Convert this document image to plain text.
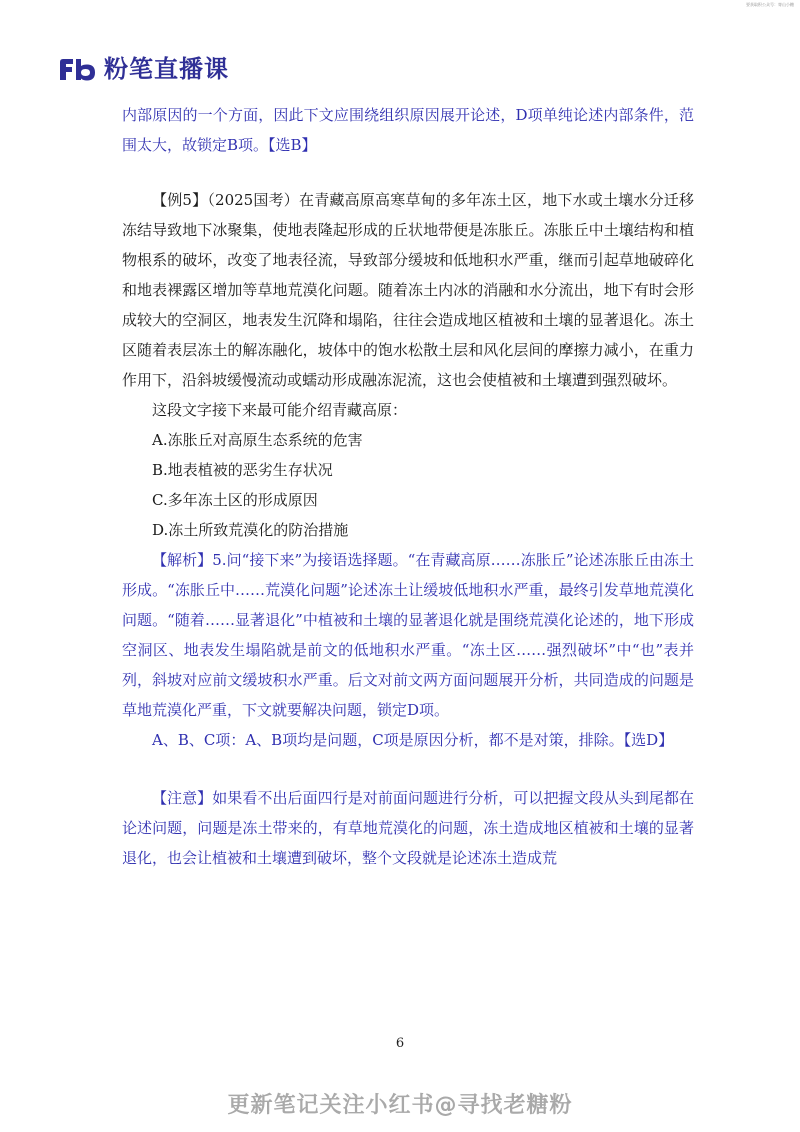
要获取积公众号：寄山小糖
粉笔直播课

内部原因的一个方面，因此下文应围绕组织原因展开论述，D项单纯论述内部条件，范围太大，故锁定B项。【选B】

【例5】（2025国考）在青藏高原高寒草甸的多年冻土区，地下水或土壤水分迁移冻结导致地下冰聚集，使地表隆起形成的丘状地带便是冻胀丘。冻胀丘中土壤结构和植物根系的破坏，改变了地表径流，导致部分缓坡和低地积水严重，继而引起草地破碎化和地表裸露区增加等草地荒漠化问题。随着冻土内冰的消融和水分流出，地下有时会形成较大的空洞区，地表发生沉降和塌陷，往往会造成地区植被和土壤的显著退化。冻土区随着表层冻土的解冻融化，坡体中的饱水松散土层和风化层间的摩擦力减小，在重力作用下，沿斜坡缓慢流动或蠕动形成融冻泥流，这也会使植被和土壤遭到强烈破坏。

这段文字接下来最可能介绍青藏高原：

A.冻胀丘对高原生态系统的危害

B.地表植被的恶劣生存状况

C.多年冻土区的形成原因

D.冻土所致荒漠化的防治措施

【解析】5.问“接下来”为接语选择题。“在青藏高原……冻胀丘”论述冻胀丘由冻土形成。“冻胀丘中……荒漠化问题”论述冻土让缓坡低地积水严重，最终引发草地荒漠化问题。“随着……显著退化”中植被和土壤的显著退化就是围绕荒漠化论述的，地下形成空洞区、地表发生塌陷就是前文的低地积水严重。“冻土区……强烈破坏”中“也”表并列，斜坡对应前文缓坡积水严重。后文对前文两方面问题展开分析，共同造成的问题是草地荒漠化严重，下文就要解决问题，锁定D项。

A、B、C项：A、B项均是问题，C项是原因分析，都不是对策，排除。【选D】

【注意】如果看不出后面四行是对前面问题进行分析，可以把握文段从头到尾都在论述问题，问题是冻土带来的，有草地荒漠化的问题，冻土造成地区植被和土壤的显著退化，也会让植被和土壤遭到破坏，整个文段就是论述冻土造成荒

6
更新笔记关注小红书@寻找老糖粉
